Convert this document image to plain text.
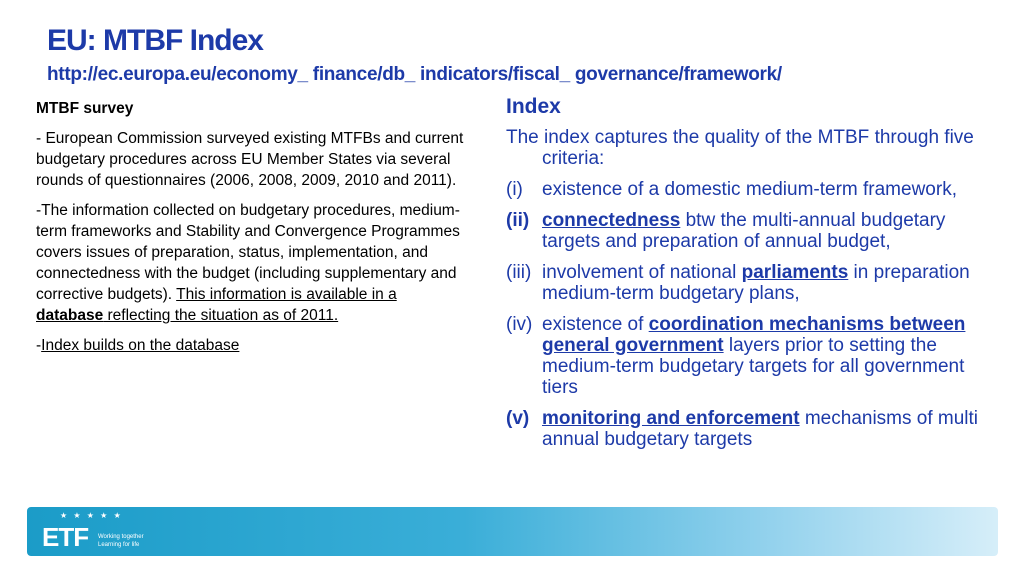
EU: MTBF Index
http://ec.europa.eu/economy_ finance/db_ indicators/fiscal_ governance/framework/
MTBF survey

- European Commission surveyed existing MTFBs and current budgetary procedures across EU Member States via several rounds of questionnaires (2006, 2008, 2009, 2010 and 2011).

-The information collected on budgetary procedures, medium-term frameworks and Stability and Convergence Programmes covers issues of preparation, status, implementation, and connectedness with the budget (including supplementary and corrective budgets). This information is available in a database reflecting the situation as of 2011.

-Index builds on the database

Index
The index captures the quality of the MTBF through five criteria:
(i)	existence of a domestic medium-term framework,
(ii) connectedness btw the multi-annual budgetary targets and preparation of annual budget,
(iii) involvement of national parliaments in preparation medium-term budgetary plans,
(iv) existence of coordination mechanisms between general government layers prior to setting the medium-term budgetary targets for all government tiers
(v) monitoring and enforcement mechanisms of multi annual budgetary targets
★ ★ ★ ★ ★
ETF Working together Learning for life
